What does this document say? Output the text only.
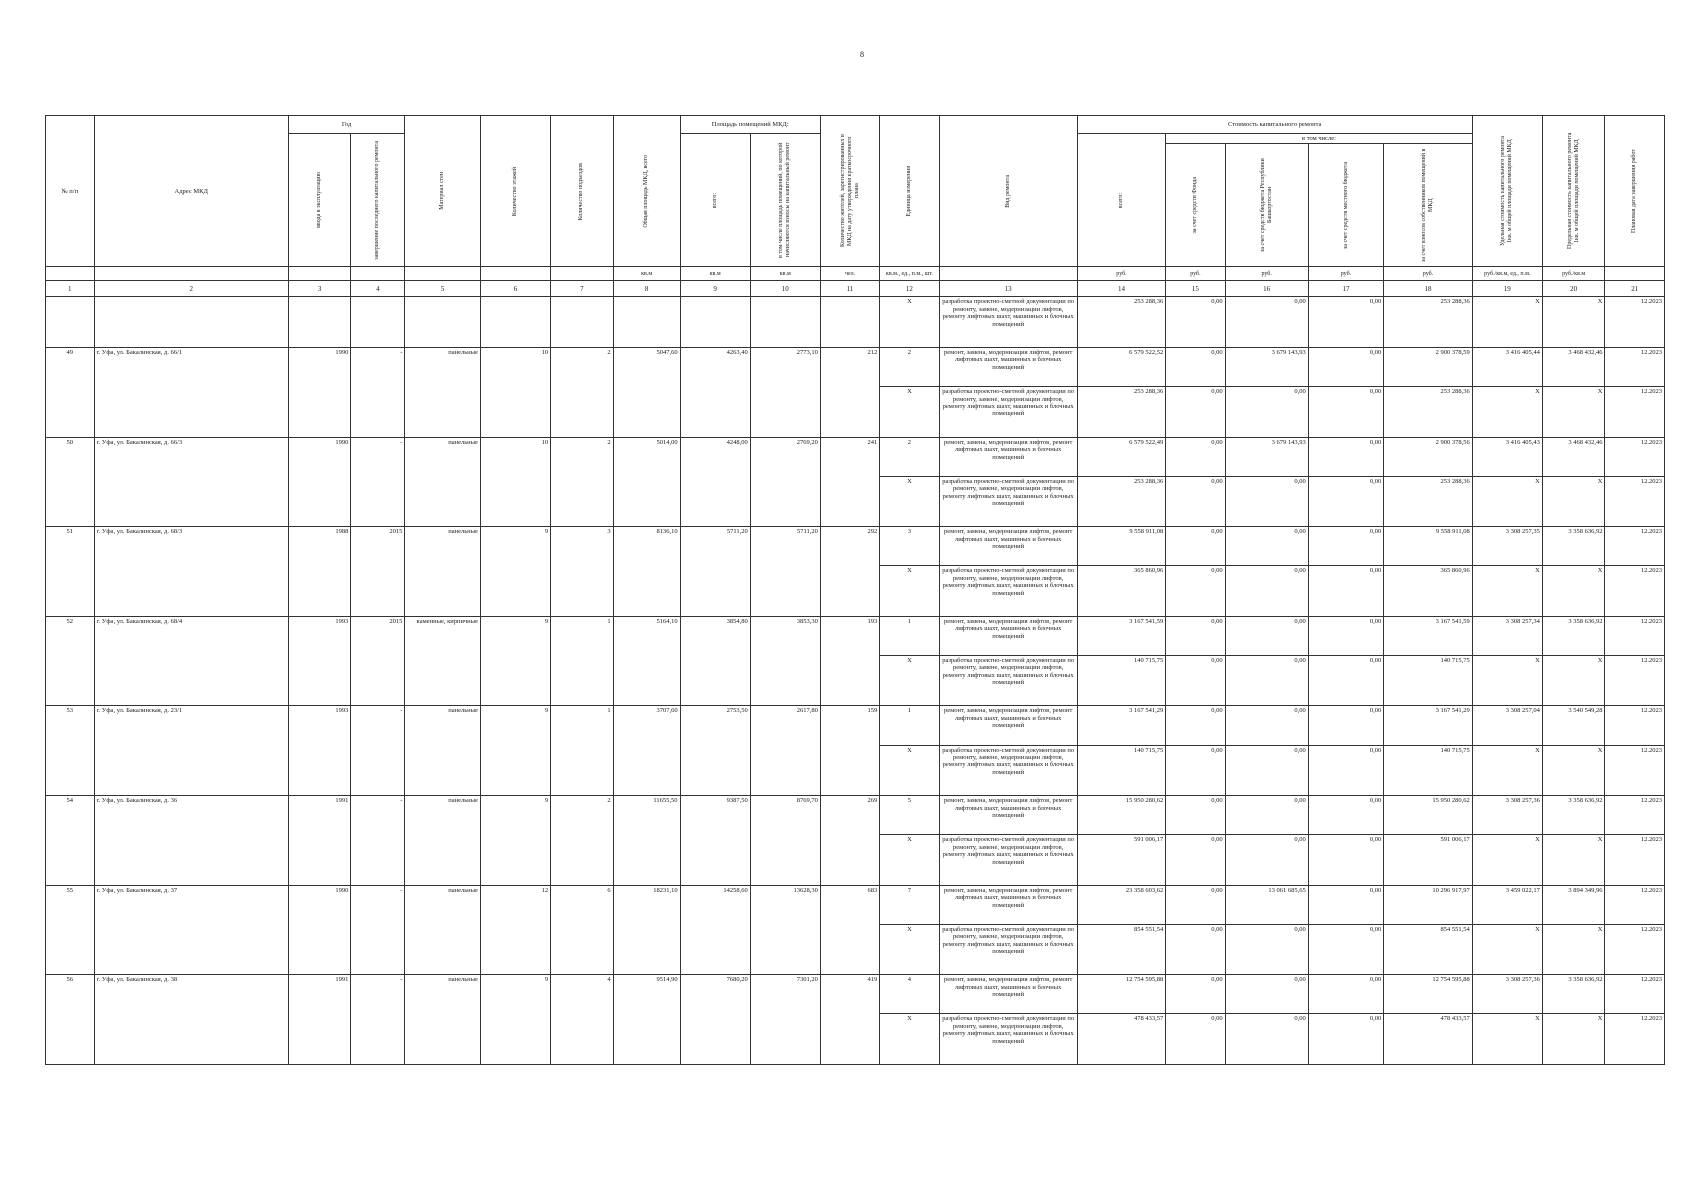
8
№ п/п	Адрес МКД	Год		Материал стен	Количество этажей	Количество подъездов	Общая площадь МКД, всего	Площадь помещений МКД:		Количество жителей, зарегистрированных в МКД на дату утверждения краткосрочного плана	Единица измерения	Вид ремонта	Стоимость капитального ремонта					Удельная стоимость капитального ремонта 1кв. м общей площади помещений МКД	Предельная стоимость капитального ремонта 1кв. м общей площади помещений МКД	Плановая дата завершения работ

		ввода в эксплуатацию	завершение последнего капитального ремонта					всего:	в том числе площадь помещений, по которой начисляются взносы на капитальный ремонт				всего:	в том числе:						

														за счет средств Фонда	за счет средств бюджета Республики Башкортостан	за счет средств местного бюджета	за счет взносов собственников помещений в МКД			

							кв.м	кв.м	кв.м	чел.	кв.м., ед., п.м., шт.		руб.	руб.	руб.	руб.	руб.	руб./кв.м, ед., п.м.	руб./кв.м	
1	2	3	4	5	6	7	8	9	10	11	12	13	14	15	16	17	18	19	20	21
											X	разработка проектно-сметной документации по ремонту, замене, модернизации лифтов, ремонту лифтовых шахт, машинных и блочных помещений	253 288,36	0,00	0,00	0,00	253 288,36	X	X	12.2023
49	г. Уфа, ул. Бакалинская, д. 66/1	1990	-	панельные	10	2	5047,60	4263,40	2773,10	212	2	ремонт, замена, модернизация лифтов, ремонт лифтовых шахт, машинных и блочных помещений	6 579 522,52	0,00	3 679 143,93	0,00	2 900 378,59	3 416 405,44	3 468 432,46	12.2023
											X	разработка проектно-сметной документации по ремонту, замене, модернизации лифтов, ремонту лифтовых шахт, машинных и блочных помещений	253 288,36	0,00	0,00	0,00	253 288,36	X	X	12.2023
50	г. Уфа, ул. Бакалинская, д. 66/3	1990	-	панельные	10	2	5014,00	4248,00	2769,20	241	2	ремонт, замена, модернизация лифтов, ремонт лифтовых шахт, машинных и блочных помещений	6 579 522,49	0,00	3 679 143,93	0,00	2 900 378,56	3 416 405,43	3 468 432,46	12.2023
											X	разработка проектно-сметной документации по ремонту, замене, модернизации лифтов, ремонту лифтовых шахт, машинных и блочных помещений	253 288,36	0,00	0,00	0,00	253 288,36	X	X	12.2023
51	г. Уфа, ул. Бакалинская, д. 68/3	1988	2015	панельные	9	3	8136,10	5711,20	5711,20	292	3	ремонт, замена, модернизация лифтов, ремонт лифтовых шахт, машинных и блочных помещений	9 558 911,08	0,00	0,00	0,00	9 558 911,08	3 308 257,35	3 358 636,92	12.2023
											X	разработка проектно-сметной документации по ремонту, замене, модернизации лифтов, ремонту лифтовых шахт, машинных и блочных помещений	365 860,96	0,00	0,00	0,00	365 860,96	X	X	12.2023
52	г. Уфа, ул. Бакалинская, д. 68/4	1993	2015	каменные, кирпичные	9	1	5164,10	3854,80	3853,30	193	1	ремонт, замена, модернизация лифтов, ремонт лифтовых шахт, машинных и блочных помещений	3 167 541,59	0,00	0,00	0,00	3 167 541,59	3 308 257,34	3 358 636,92	12.2023
											X	разработка проектно-сметной документации по ремонту, замене, модернизации лифтов, ремонту лифтовых шахт, машинных и блочных помещений	140 715,75	0,00	0,00	0,00	140 715,75	X	X	12.2023
53	г. Уфа, ул. Бакалинская, д. 23/1	1993	-	панельные	9	1	3707,60	2753,50	2617,80	159	1	ремонт, замена, модернизация лифтов, ремонт лифтовых шахт, машинных и блочных помещений	3 167 541,29	0,00	0,00	0,00	3 167 541,29	3 308 257,04	3 540 549,28	12.2023
											X	разработка проектно-сметной документации по ремонту, замене, модернизации лифтов, ремонту лифтовых шахт, машинных и блочных помещений	140 715,75	0,00	0,00	0,00	140 715,75	X	X	12.2023
54	г. Уфа, ул. Бакалинская, д. 36	1991	-	панельные	9	2	11655,50	9387,50	8769,70	269	5	ремонт, замена, модернизация лифтов, ремонт лифтовых шахт, машинных и блочных помещений	15 950 280,62	0,00	0,00	0,00	15 950 280,62	3 308 257,36	3 358 636,92	12.2023
											X	разработка проектно-сметной документации по ремонту, замене, модернизации лифтов, ремонту лифтовых шахт, машинных и блочных помещений	591 006,17	0,00	0,00	0,00	591 006,17	X	X	12.2023
55	г. Уфа, ул. Бакалинская, д. 37	1990	-	панельные	12	6	18231,10	14258,60	13628,30	683	7	ремонт, замена, модернизация лифтов, ремонт лифтовых шахт, машинных и блочных помещений	23 358 603,62	0,00	13 061 685,65	0,00	10 296 917,97	3 459 022,17	3 894 349,96	12.2023
											X	разработка проектно-сметной документации по ремонту, замене, модернизации лифтов, ремонту лифтовых шахт, машинных и блочных помещений	854 551,54	0,00	0,00	0,00	854 551,54	X	X	12.2023
56	г. Уфа, ул. Бакалинская, д. 38	1991	-	панельные	9	4	9514,90	7680,20	7301,20	419	4	ремонт, замена, модернизация лифтов, ремонт лифтовых шахт, машинных и блочных помещений	12 754 595,88	0,00	0,00	0,00	12 754 595,88	3 308 257,36	3 358 636,92	12.2023
											X	разработка проектно-сметной документации по ремонту, замене, модернизации лифтов, ремонту лифтовых шахт, машинных и блочных помещений	478 433,57	0,00	0,00	0,00	478 433,57	X	X	12.2023
